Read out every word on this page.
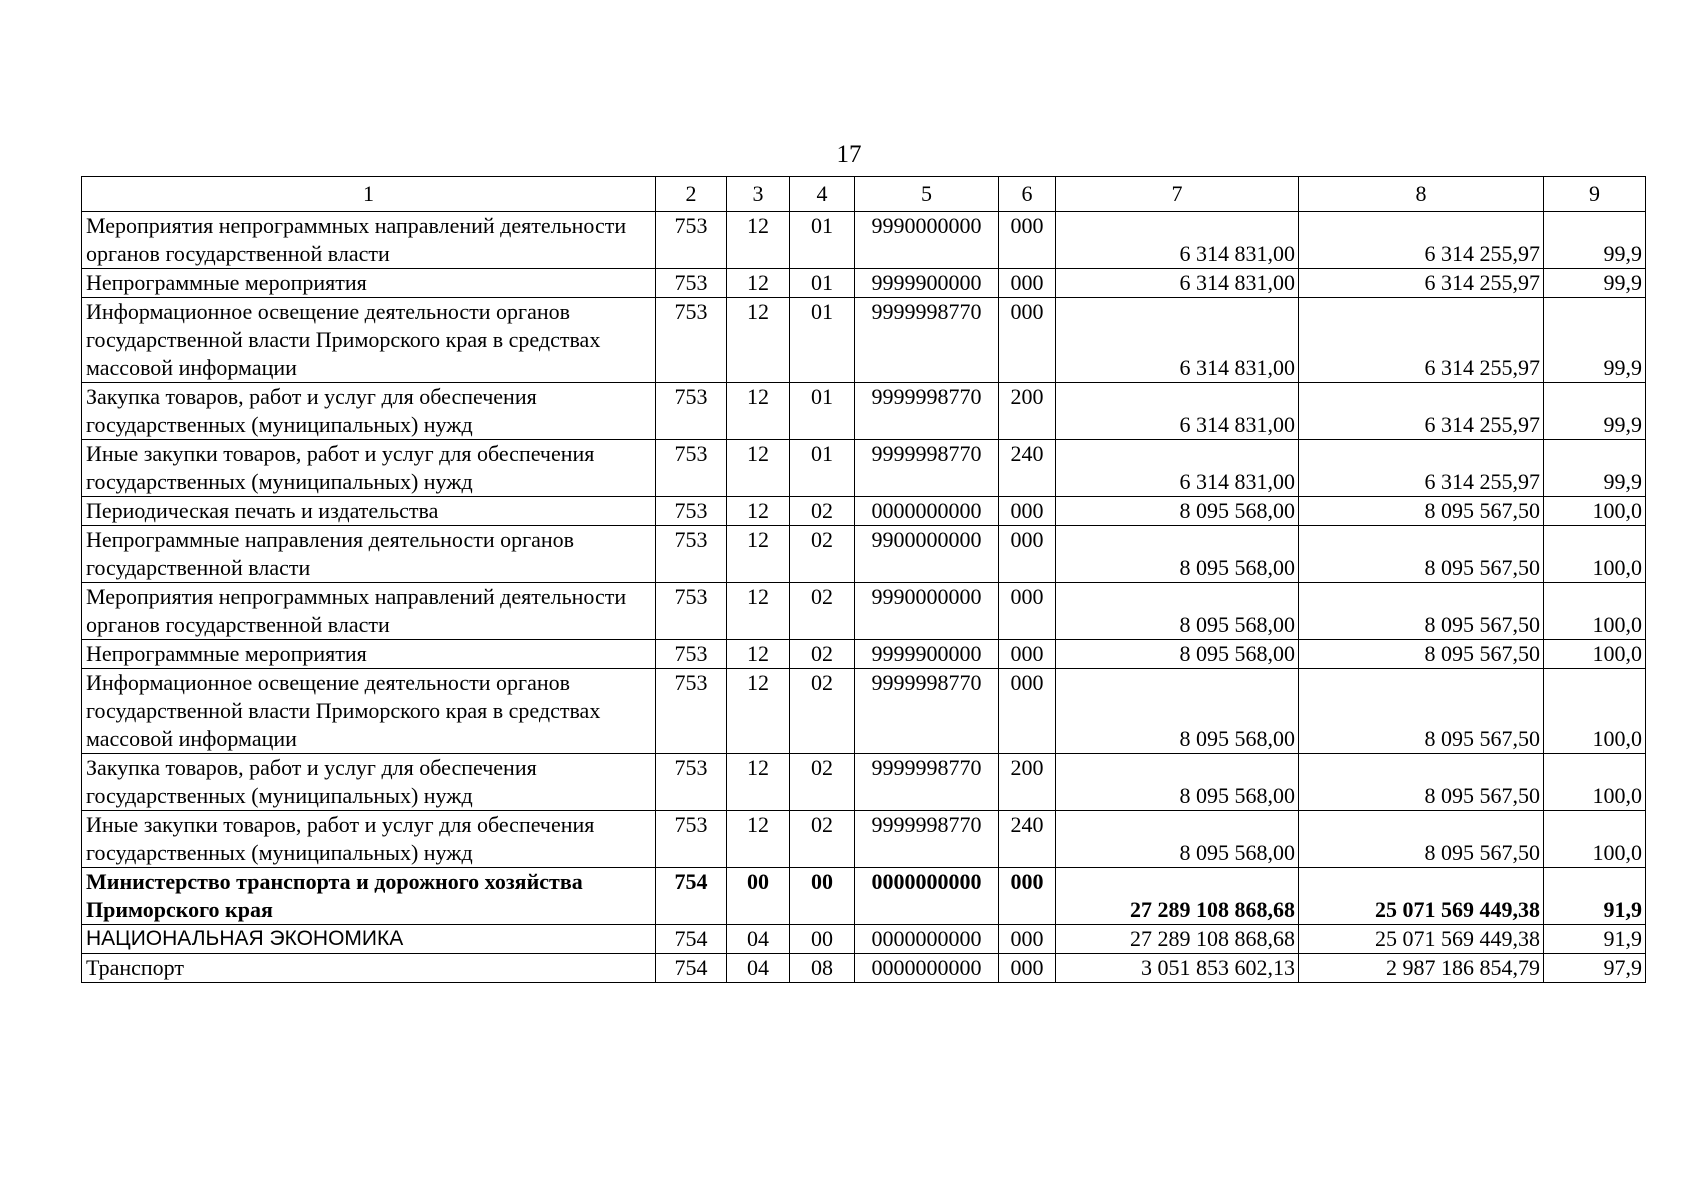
17
1	2	3	4	5	6	7	8	9
Мероприятия непрограммных направлений деятельности органов государственной власти	753	12	01	9990000000	000	6 314 831,00	6 314 255,97	99,9
Непрограммные мероприятия	753	12	01	9999900000	000	6 314 831,00	6 314 255,97	99,9
Информационное освещение деятельности органов государственной власти Приморского края в средствах массовой информации	753	12	01	9999998770	000	6 314 831,00	6 314 255,97	99,9
Закупка товаров, работ и услуг для обеспечения государственных (муниципальных) нужд	753	12	01	9999998770	200	6 314 831,00	6 314 255,97	99,9
Иные закупки товаров, работ и услуг для обеспечения государственных (муниципальных) нужд	753	12	01	9999998770	240	6 314 831,00	6 314 255,97	99,9
Периодическая печать и издательства	753	12	02	0000000000	000	8 095 568,00	8 095 567,50	100,0
Непрограммные направления деятельности органов государственной власти	753	12	02	9900000000	000	8 095 568,00	8 095 567,50	100,0
Мероприятия непрограммных направлений деятельности органов государственной власти	753	12	02	9990000000	000	8 095 568,00	8 095 567,50	100,0
Непрограммные мероприятия	753	12	02	9999900000	000	8 095 568,00	8 095 567,50	100,0
Информационное освещение деятельности органов государственной власти Приморского края в средствах массовой информации	753	12	02	9999998770	000	8 095 568,00	8 095 567,50	100,0
Закупка товаров, работ и услуг для обеспечения государственных (муниципальных) нужд	753	12	02	9999998770	200	8 095 568,00	8 095 567,50	100,0
Иные закупки товаров, работ и услуг для обеспечения государственных (муниципальных) нужд	753	12	02	9999998770	240	8 095 568,00	8 095 567,50	100,0
Министерство транспорта и дорожного хозяйства Приморского края	754	00	00	0000000000	000	27 289 108 868,68	25 071 569 449,38	91,9
НАЦИОНАЛЬНАЯ ЭКОНОМИКА	754	04	00	0000000000	000	27 289 108 868,68	25 071 569 449,38	91,9
Транспорт	754	04	08	0000000000	000	3 051 853 602,13	2 987 186 854,79	97,9
